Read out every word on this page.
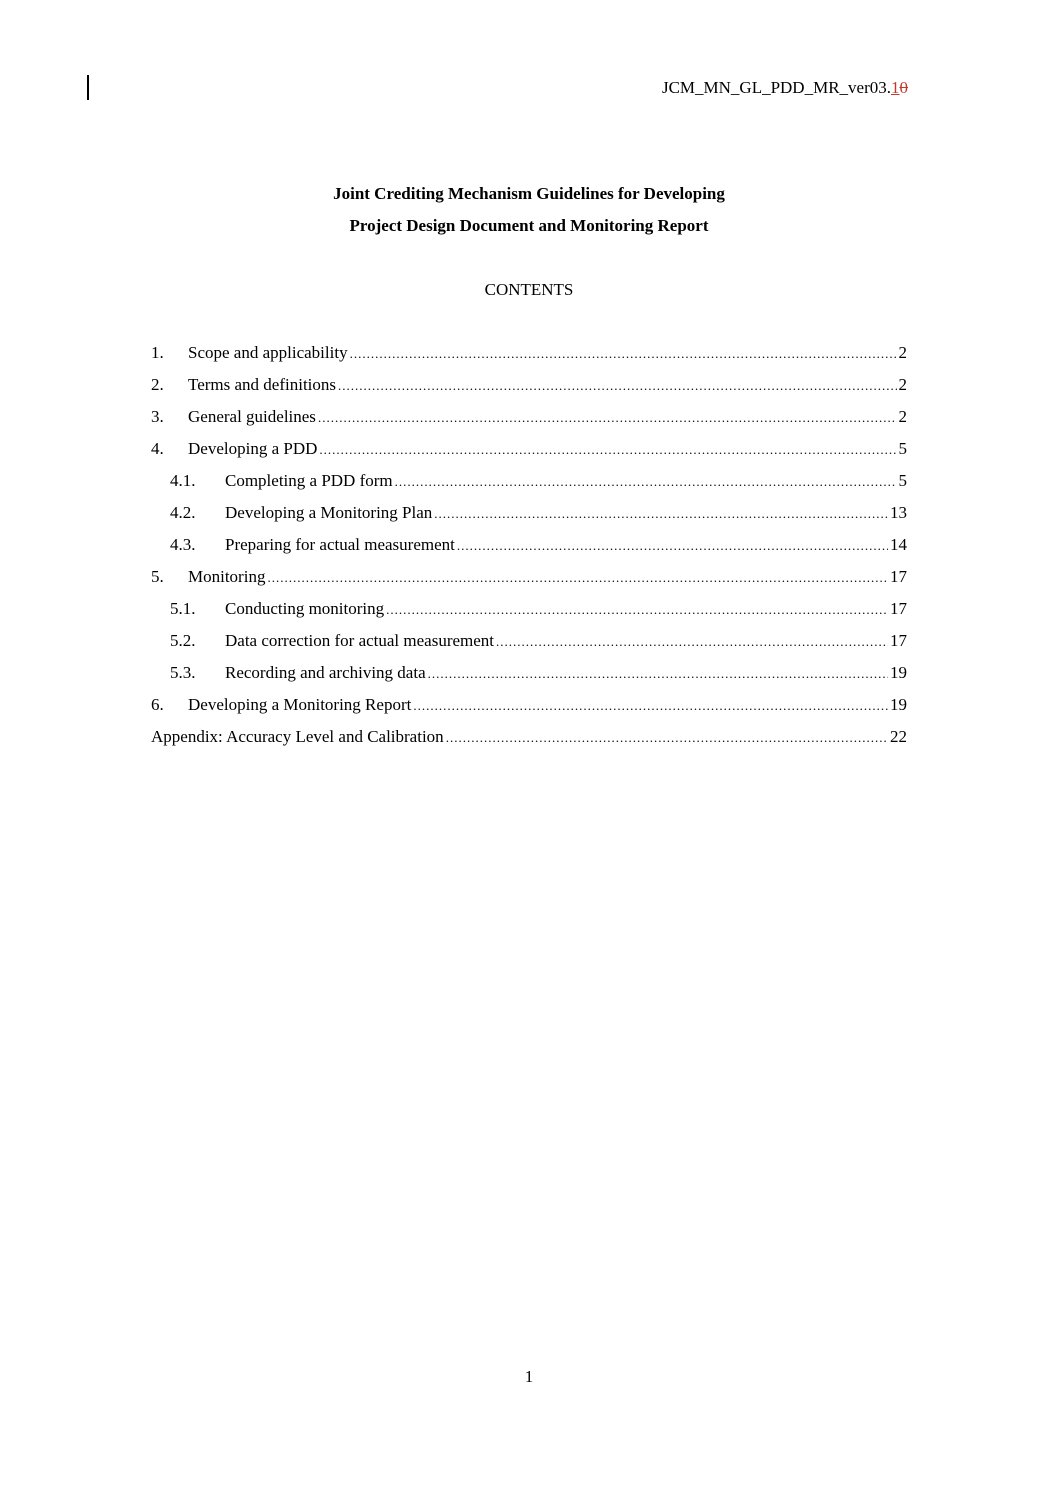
JCM_MN_GL_PDD_MR_ver03.10
Joint Crediting Mechanism Guidelines for Developing
Project Design Document and Monitoring Report
CONTENTS
1.	Scope and applicability .....	2
2.	Terms and definitions .....	2
3.	General guidelines .....	2
4.	Developing a PDD .....	5
4.1.	Completing a PDD form .....	5
4.2.	Developing a Monitoring Plan .....	13
4.3.	Preparing for actual measurement .....	14
5.	Monitoring .....	17
5.1.	Conducting monitoring .....	17
5.2.	Data correction for actual measurement .....	17
5.3.	Recording and archiving data .....	19
6.	Developing a Monitoring Report .....	19
Appendix: Accuracy Level and Calibration .....	22
1
